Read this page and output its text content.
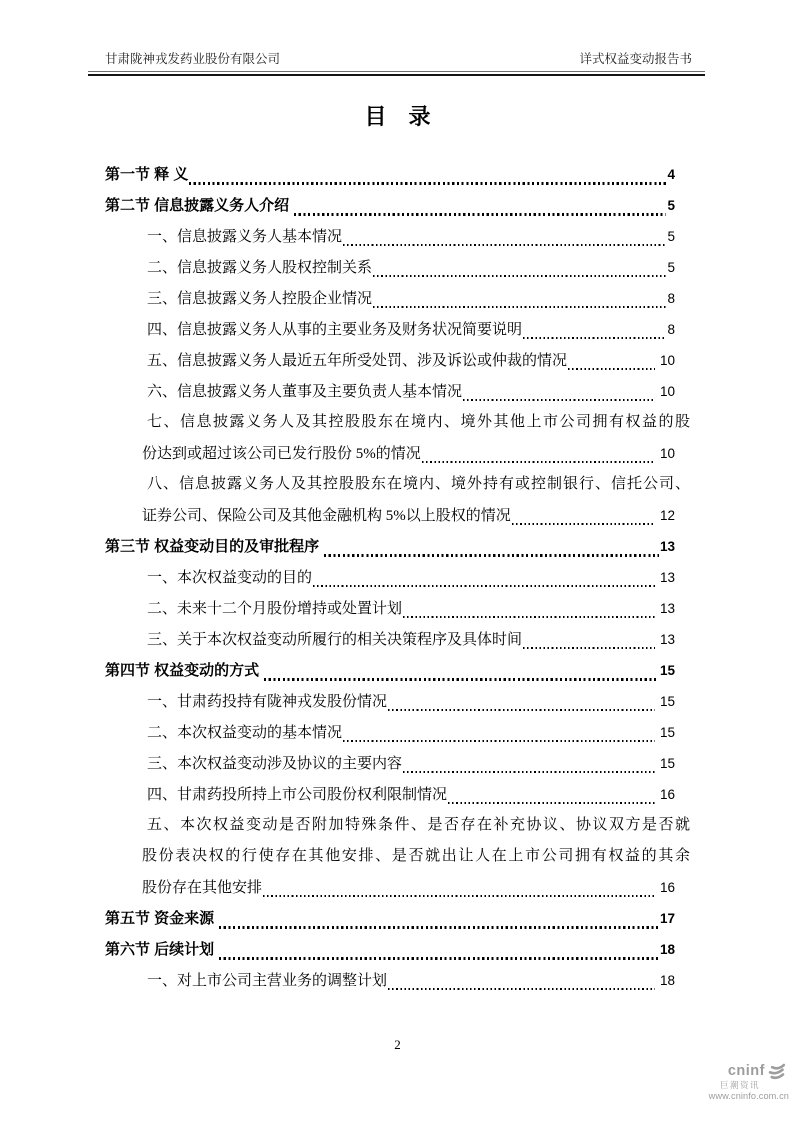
甘肃陇神戎发药业股份有限公司	详式权益变动报告书
目　录
第一节 释 义	4
第二节 信息披露义务人介绍	5
一、信息披露义务人基本情况	5
二、信息披露义务人股权控制关系	5
三、信息披露义务人控股企业情况	8
四、信息披露义务人从事的主要业务及财务状况简要说明	8
五、信息披露义务人最近五年所受处罚、涉及诉讼或仲裁的情况	10
六、信息披露义务人董事及主要负责人基本情况	10
七、信息披露义务人及其控股股东在境内、境外其他上市公司拥有权益的股
份达到或超过该公司已发行股份 5%的情况	10
八、信息披露义务人及其控股股东在境内、境外持有或控制银行、信托公司、
证券公司、保险公司及其他金融机构 5%以上股权的情况	12
第三节 权益变动目的及审批程序	13
一、本次权益变动的目的	13
二、未来十二个月股份增持或处置计划	13
三、关于本次权益变动所履行的相关决策程序及具体时间	13
第四节 权益变动的方式	15
一、甘肃药投持有陇神戎发股份情况	15
二、本次权益变动的基本情况	15
三、本次权益变动涉及协议的主要内容	15
四、甘肃药投所持上市公司股份权利限制情况	16
五、本次权益变动是否附加特殊条件、是否存在补充协议、协议双方是否就
股份表决权的行使存在其他安排、是否就出让人在上市公司拥有权益的其余
股份存在其他安排	16
第五节 资金来源	17
第六节 后续计划	18
一、对上市公司主营业务的调整计划	18
2
cninf
巨潮资讯
www.cninfo.com.cn
